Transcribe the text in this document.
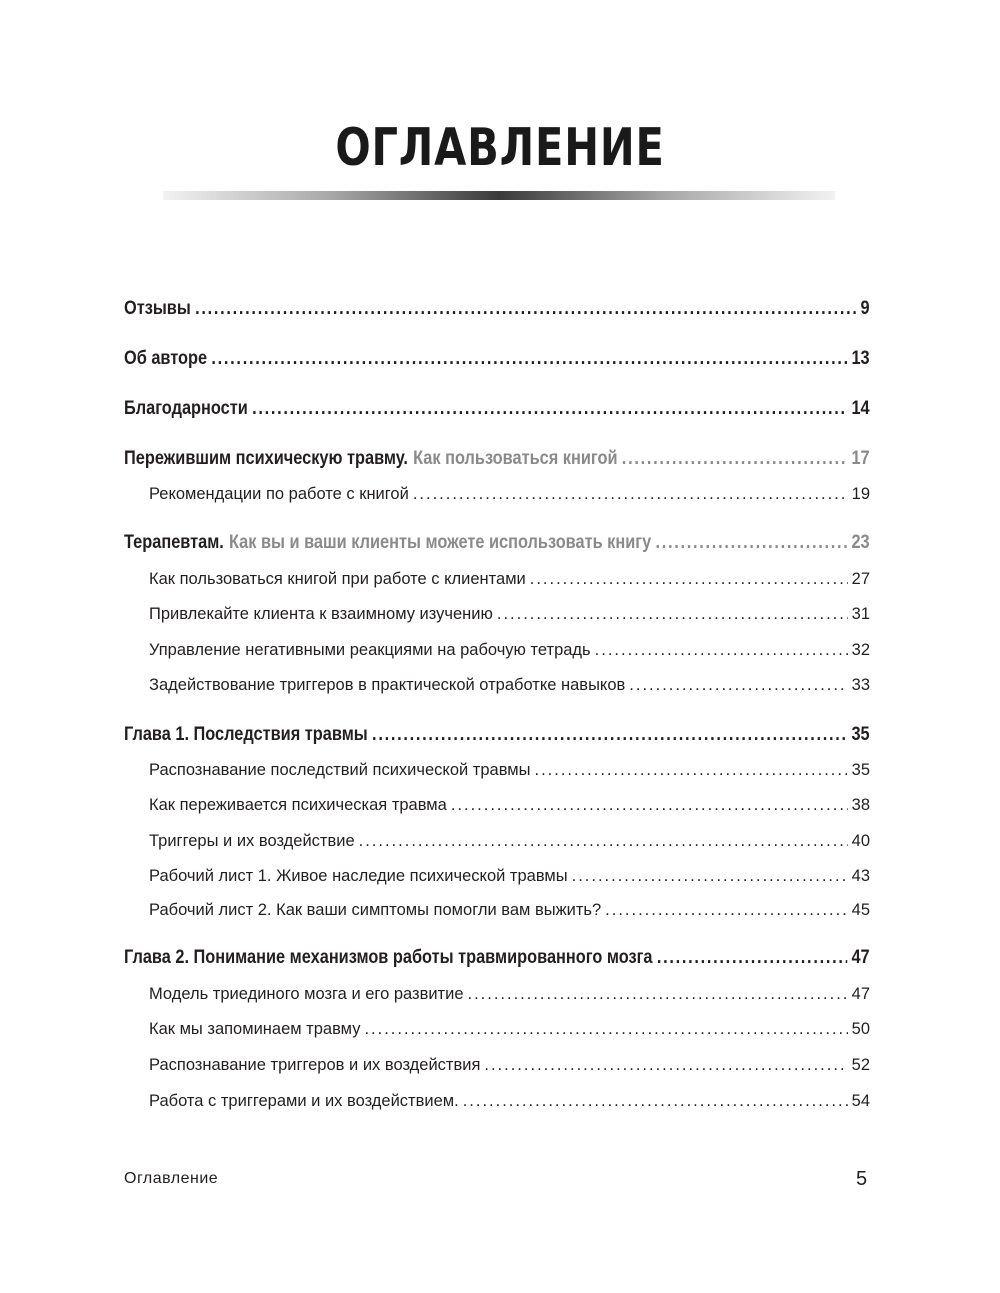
ОГЛАВЛЕНИЕ
Отзывы .....	9
Об авторе .....	13
Благодарности .....	14
Пережившим психическую травму. Как пользоваться книгой .....	17
Рекомендации по работе с книгой .....	19
Терапевтам. Как вы и ваши клиенты можете использовать книгу .....	23
Как пользоваться книгой при работе с клиентами .....	27
Привлекайте клиента к взаимному изучению .....	31
Управление негативными реакциями на рабочую тетрадь .....	32
Задействование триггеров в практической отработке навыков .....	33
Глава 1. Последствия травмы .....	35
Распознавание последствий психической травмы .....	35
Как переживается психическая травма .....	38
Триггеры и их воздействие .....	40
Рабочий лист 1. Живое наследие психической травмы .....	43
Рабочий лист 2. Как ваши симптомы помогли вам выжить? .....	45
Глава 2. Понимание механизмов работы травмированного мозга .....	47
Модель триединого мозга и его развитие .....	47
Как мы запоминаем травму .....	50
Распознавание триггеров и их воздействия .....	52
Работа с триггерами и их воздействием. .....	54
Оглавление	5
